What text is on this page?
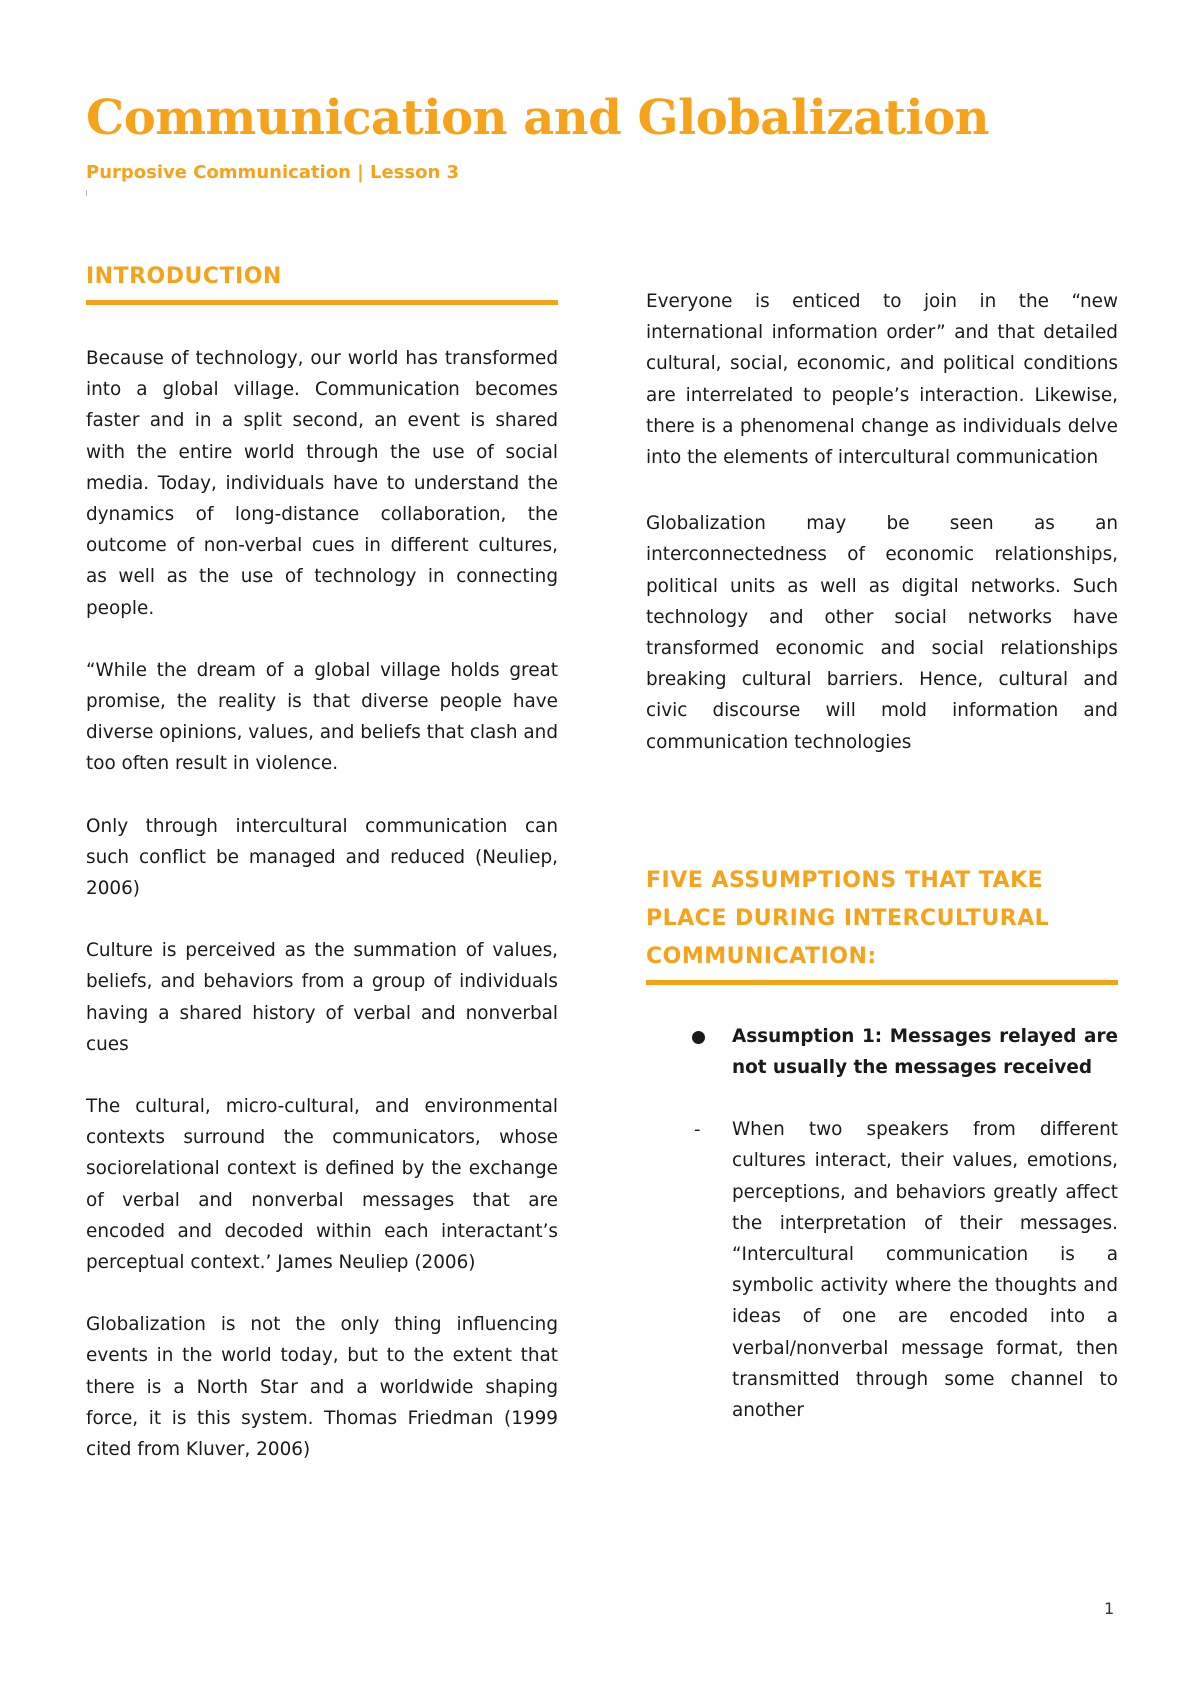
Communication and Globalization
Purposive Communication | Lesson 3
INTRODUCTION

Because of technology, our world has transformed into a global village. Communication becomes faster and in a split second, an event is shared with the entire world through the use of social media. Today, individuals have to understand the dynamics of long-distance collaboration, the outcome of non-verbal cues in different cultures, as well as the use of technology in connecting people.

“While the dream of a global village holds great promise, the reality is that diverse people have diverse opinions, values, and beliefs that clash and too often result in violence.

Only through intercultural communication can such conflict be managed and reduced (Neuliep, 2006)

Culture is perceived as the summation of values, beliefs, and behaviors from a group of individuals having a shared history of verbal and nonverbal cues

The cultural, micro-cultural, and environmental contexts surround the communicators, whose sociorelational context is defined by the exchange of verbal and nonverbal messages that are encoded and decoded within each interactant’s perceptual context.’ James Neuliep (2006)

Globalization is not the only thing influencing events in the world today, but to the extent that there is a North Star and a worldwide shaping force, it is this system. Thomas Friedman (1999 cited from Kluver, 2006)

Everyone is enticed to join in the “new international information order” and that detailed cultural, social, economic, and political conditions are interrelated to people’s interaction. Likewise, there is a phenomenal change as individuals delve into the elements of intercultural communication

Globalization may be seen as an interconnectedness of economic relationships, political units as well as digital networks. Such technology and other social networks have transformed economic and social relationships breaking cultural barriers. Hence, cultural and civic discourse will mold information and communication technologies

FIVE ASSUMPTIONS THAT TAKE PLACE DURING INTERCULTURAL COMMUNICATION:

Assumption 1: Messages relayed are not usually the messages received

- When two speakers from different cultures interact, their values, emotions, perceptions, and behaviors greatly affect the interpretation of their messages. “Intercultural communication is a symbolic activity where the thoughts and ideas of one are encoded into a verbal/nonverbal message format, then transmitted through some channel to another

1
